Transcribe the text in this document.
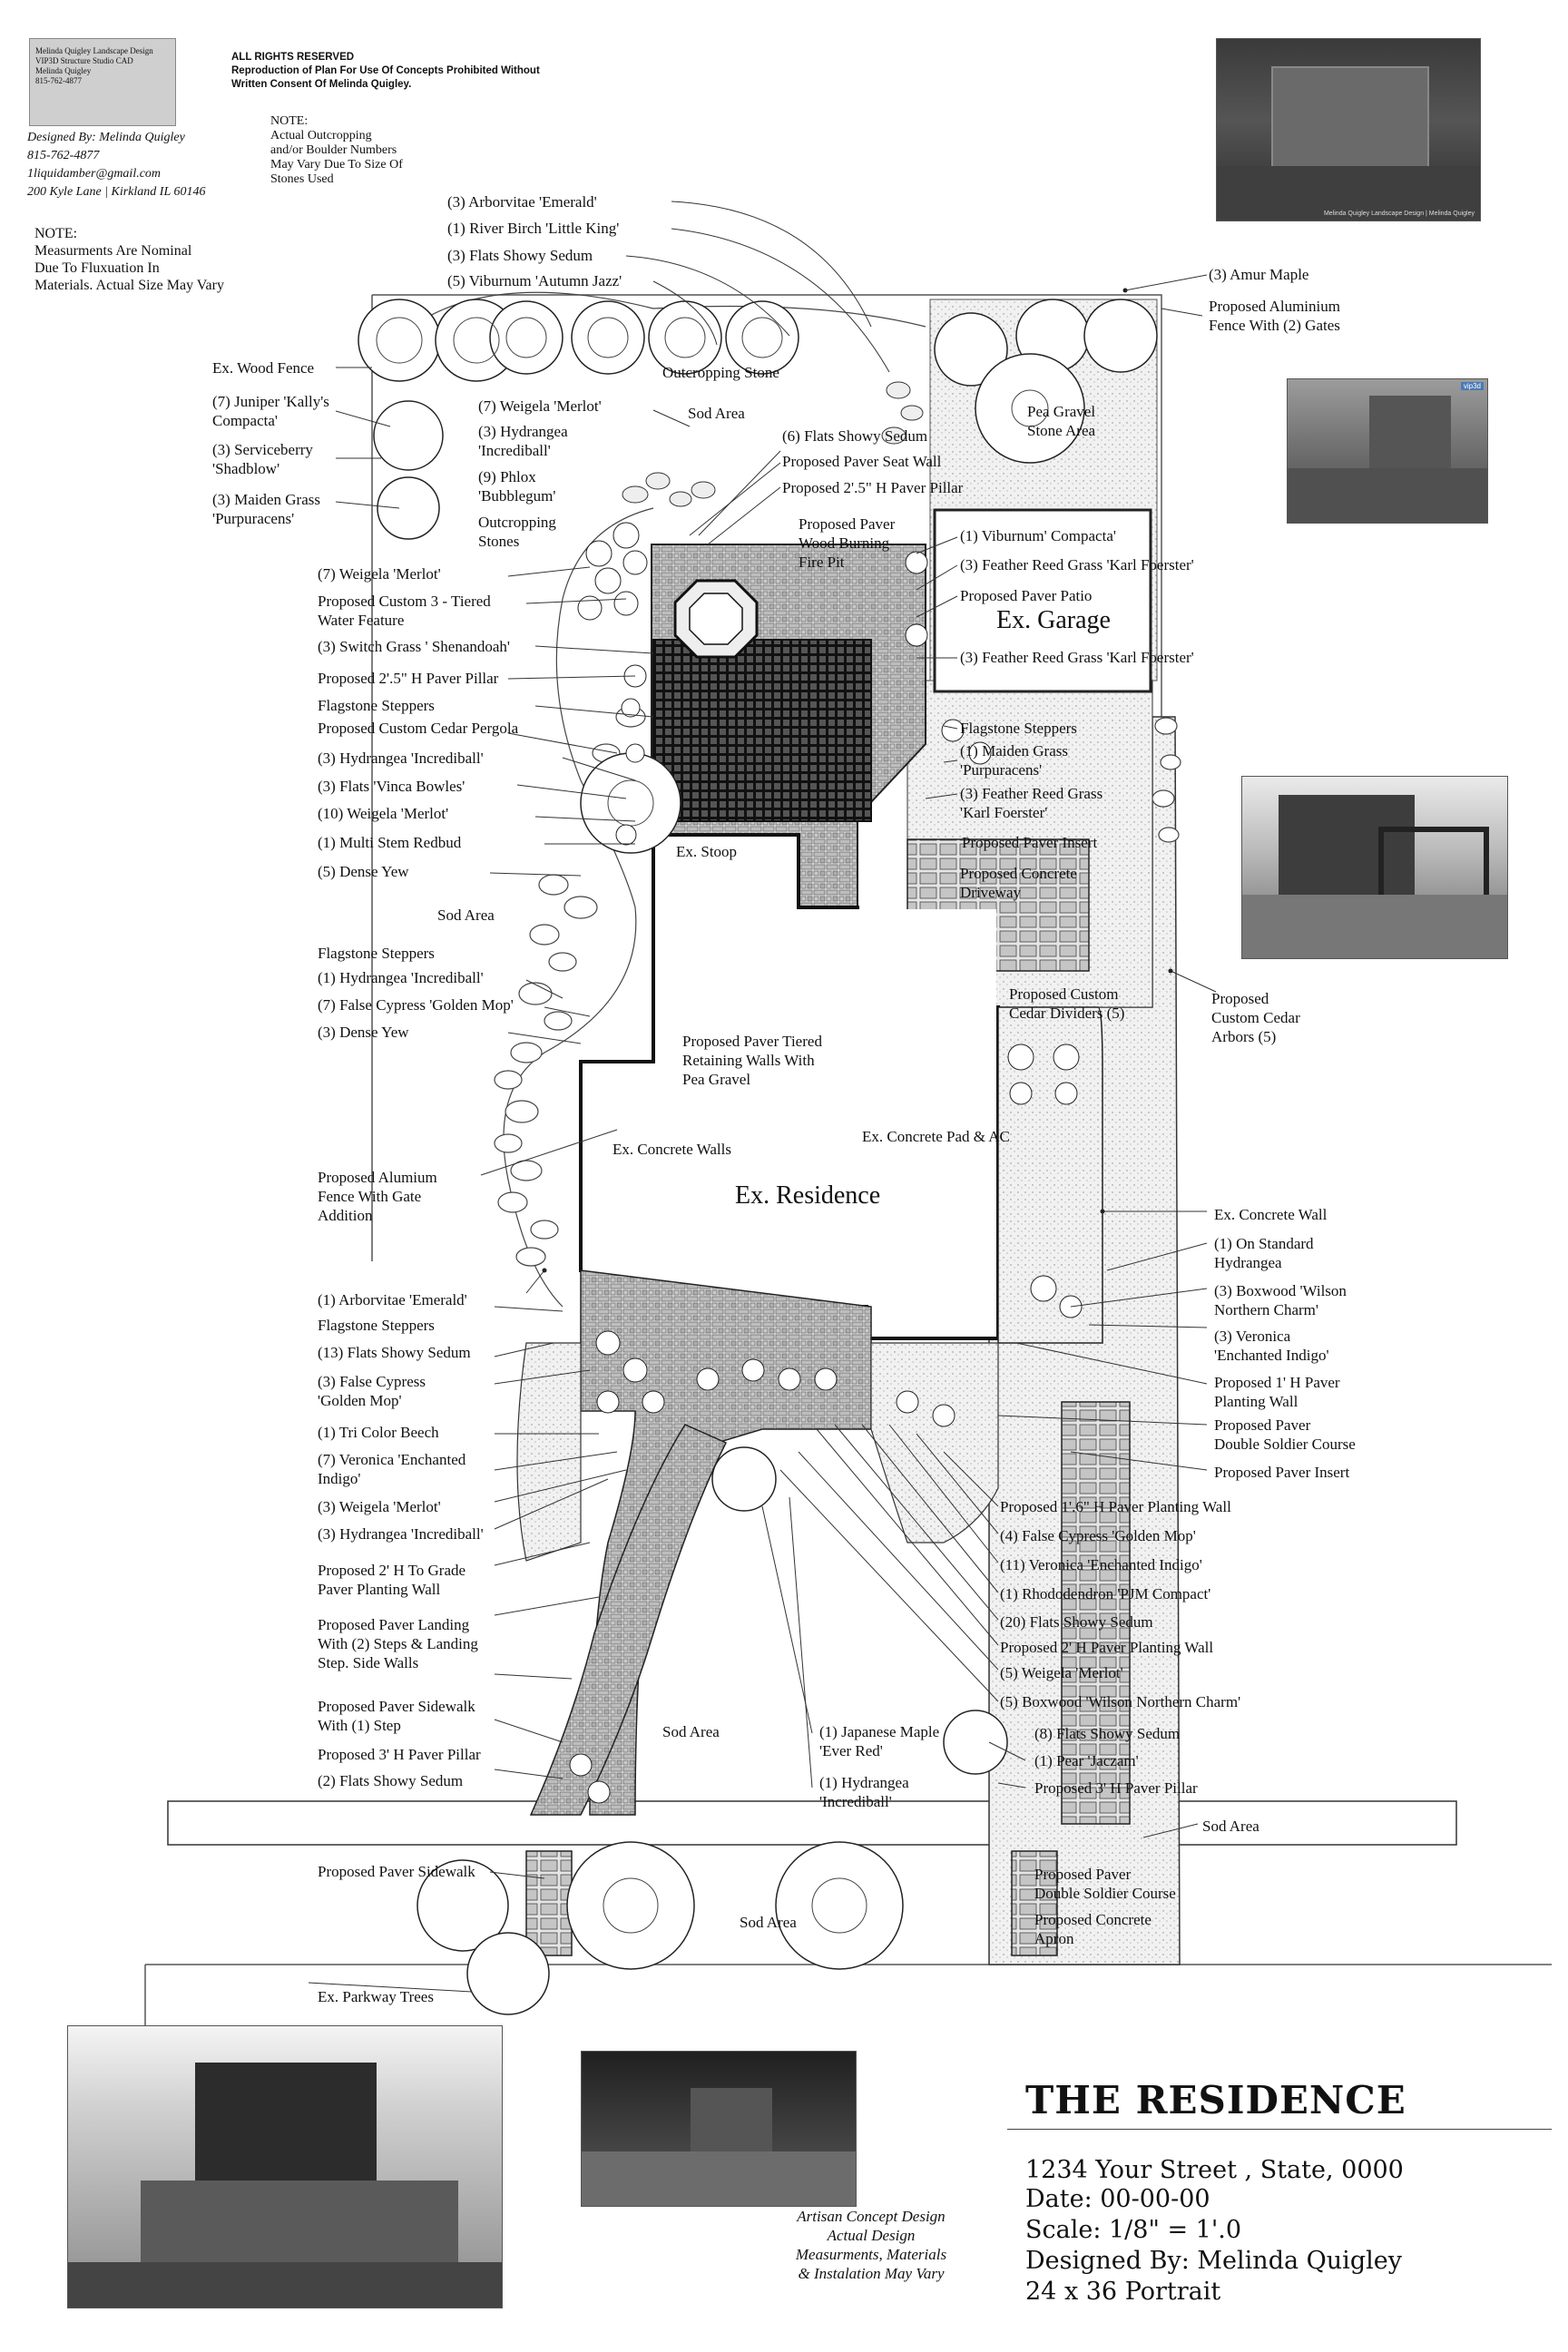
Melinda Quigley Landscape Design
VIP3D Structure Studio CAD
Melinda Quigley
815-762-4877
ALL RIGHTS RESERVED
Reproduction of Plan For Use Of Concepts Prohibited Without
Written Consent Of Melinda Quigley.
NOTE:
Actual Outcropping
and/or Boulder Numbers
May Vary Due To Size Of
Stones Used
Designed By: Melinda Quigley
815-762-4877
1liquidamber@gmail.com
200 Kyle Lane | Kirkland IL 60146
NOTE:
Measurments Are Nominal
Due To Fluxuation In
Materials. Actual Size May Vary
Ex. Garage
Ex. Residence
(3) Arborvitae 'Emerald'
(1) River Birch 'Little King'
(3) Flats Showy Sedum
(5) Viburnum 'Autumn Jazz'
Ex. Wood Fence
(7) Juniper 'Kally's
Compacta'
(3) Serviceberry
'Shadblow'
(3) Maiden Grass
'Purpuracens'
Outcropping Stone
Sod Area
(7) Weigela 'Merlot'
(3) Hydrangea
'Incrediball'
(9) Phlox
'Bubblegum'
Outcropping
Stones
(6) Flats Showy Sedum
Proposed Paver Seat Wall
Proposed 2'.5" H Paver Pillar
Proposed Paver
Wood Burning
Fire Pit
(7) Weigela 'Merlot'
Proposed Custom 3 - Tiered
Water Feature
(3) Switch Grass ' Shenandoah'
Proposed 2'.5" H Paver Pillar
Flagstone Steppers
Proposed Custom Cedar Pergola
(3) Hydrangea 'Incrediball'
(3) Flats 'Vinca Bowles'
(10) Weigela 'Merlot'
(1) Multi Stem Redbud
(5) Dense Yew
Sod Area
Flagstone Steppers
(1) Hydrangea 'Incrediball'
(7) False Cypress 'Golden Mop'
(3) Dense Yew
(3) Amur Maple
Proposed Aluminium
Fence With (2) Gates
Pea Gravel
Stone Area
(1) Viburnum' Compacta'
(3) Feather Reed Grass 'Karl Foerster'
Proposed Paver Patio
(3) Feather Reed Grass 'Karl Foerster'
Flagstone Steppers
(1) Maiden Grass
'Purpuracens'
(3) Feather Reed Grass
'Karl Foerster'
Ex. Stoop
Proposed Paver Insert
Proposed Concrete
Driveway
Proposed Custom
Cedar Dividers (5)
Proposed
Custom Cedar
Arbors (5)
Proposed Paver Tiered
Retaining Walls With
Pea Gravel
Ex. Concrete Walls
Ex. Concrete Pad & AC
Proposed Alumium
Fence With Gate
Addition	Ex. Concrete Wall
(1) On Standard
Hydrangea
(3) Boxwood 'Wilson
Northern Charm'
(3) Veronica
'Enchanted Indigo'
Proposed 1' H Paver
Planting Wall
Proposed Paver
Double Soldier Course
Proposed Paver Insert
(1) Arborvitae 'Emerald'
Flagstone Steppers
(13) Flats Showy Sedum
(3) False Cypress
'Golden Mop'
(1) Tri Color Beech
(7) Veronica 'Enchanted
Indigo'
(3) Weigela 'Merlot'
(3) Hydrangea 'Incrediball'
Proposed 2' H To Grade
Paver Planting Wall
Proposed Paver Landing
With (2) Steps & Landing
Step. Side Walls
Proposed Paver Sidewalk
With (1) Step
Proposed 3' H Paver Pillar
(2) Flats Showy Sedum
Sod Area
Proposed 1'.6" H Paver Planting Wall
(4) False Cypress 'Golden Mop'
(11) Veronica 'Enchanted Indigo'
(1) Rhododendron 'PJM Compact'
(20) Flats Showy Sedum
Proposed 2' H Paver Planting Wall
(5) Weigela 'Merlot'
(5) Boxwood 'Wilson Northern Charm'
(1) Japanese Maple
'Ever Red'
(1) Hydrangea
'Incrediball'
(8) Flats Showy Sedum
(1) Pear 'Jaczam'
Proposed 3' H Paver Pillar
Sod Area
Proposed Paver Sidewalk
Sod Area
Proposed Paver
Double Soldier Course
Proposed Concrete
Apron
Ex. Parkway Trees
Melinda Quigley Landscape Design | Melinda Quigley
vip3d
THE RESIDENCE
1234 Your Street , State, 0000
Date: 00-00-00
Scale: 1/8" = 1'.0
Designed By: Melinda Quigley
24 x 36 Portrait
Artisan Concept Design
Actual Design
Measurments, Materials
& Instalation May Vary
